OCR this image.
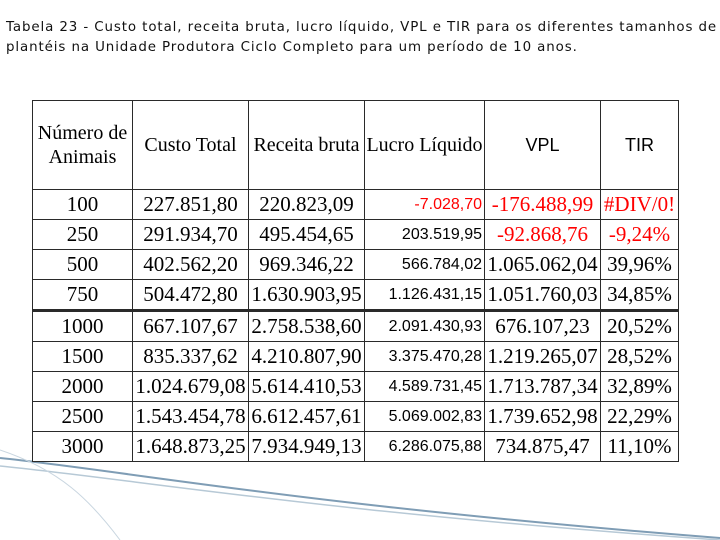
Tabela 23 - Custo total, receita bruta, lucro líquido, VPL e TIR para os diferentes tamanhos de plantéis na Unidade Produtora Ciclo Completo para um período de 10 anos.
Número de Animais	Custo Total	Receita bruta	Lucro Líquido	VPL	TIR
100	227.851,80	220.823,09	-7.028,70	-176.488,99	#DIV/0!
250	291.934,70	495.454,65	203.519,95	-92.868,76	-9,24%
500	402.562,20	969.346,22	566.784,02	1.065.062,04	39,96%
750	504.472,80	1.630.903,95	1.126.431,15	1.051.760,03	34,85%
1000	667.107,67	2.758.538,60	2.091.430,93	676.107,23	20,52%
1500	835.337,62	4.210.807,90	3.375.470,28	1.219.265,07	28,52%
2000	1.024.679,08	5.614.410,53	4.589.731,45	1.713.787,34	32,89%
2500	1.543.454,78	6.612.457,61	5.069.002,83	1.739.652,98	22,29%
3000	1.648.873,25	7.934.949,13	6.286.075,88	734.875,47	11,10%
